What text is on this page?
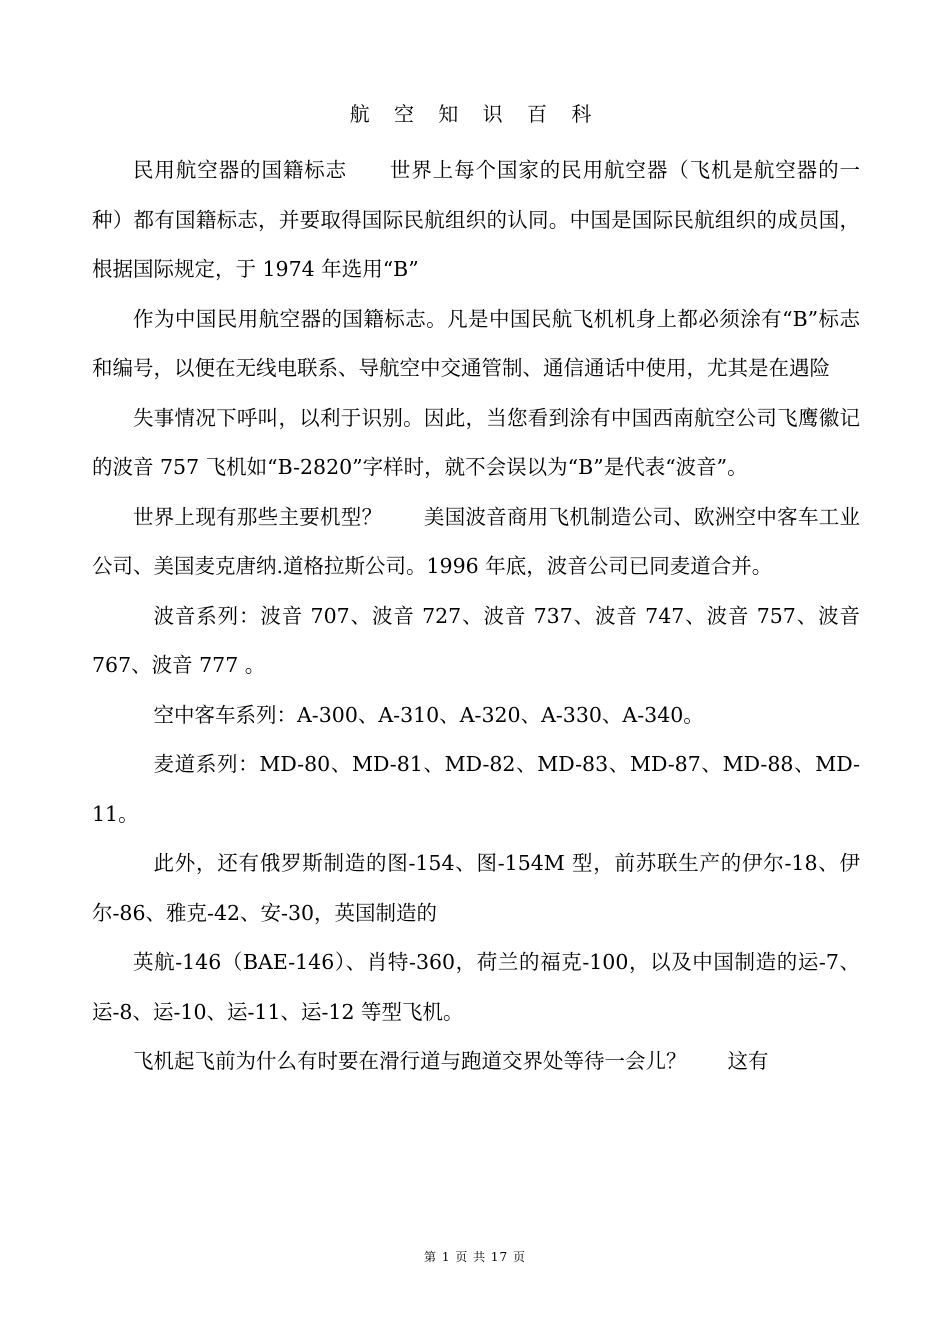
航 空 知 识 百 科

民用航空器的国籍标志　　世界上每个国家的民用航空器（飞机是航空器的一种）都有国籍标志，并要取得国际民航组织的认同。中国是国际民航组织的成员国，根据国际规定，于 1974 年选用“B”

作为中国民用航空器的国籍标志。凡是中国民航飞机机身上都必须涂有“B”标志和编号，以便在无线电联系、导航空中交通管制、通信通话中使用，尤其是在遇险

失事情况下呼叫，以利于识别。因此，当您看到涂有中国西南航空公司飞鹰徽记的波音 757 飞机如“B-2820”字样时，就不会误以为“B”是代表“波音”。

世界上现有那些主要机型？　　美国波音商用飞机制造公司、欧洲空中客车工业公司、美国麦克唐纳.道格拉斯公司。1996 年底，波音公司已同麦道合并。

波音系列：波音 707、波音 727、波音 737、波音 747、波音 757、波音 767、波音 777 。

空中客车系列：A-300、A-310、A-320、A-330、A-340。

麦道系列：MD-80、MD-81、MD-82、MD-83、MD-87、MD-88、MD-11。

此外，还有俄罗斯制造的图-154、图-154M 型，前苏联生产的伊尔-18、伊尔-86、雅克-42、安-30，英国制造的

英航-146（BAE-146）、肖特-360，荷兰的福克-100，以及中国制造的运-7、运-8、运-10、运-11、运-12 等型飞机。

飞机起飞前为什么有时要在滑行道与跑道交界处等待一会儿？　　这有

第 1 页 共 17 页
